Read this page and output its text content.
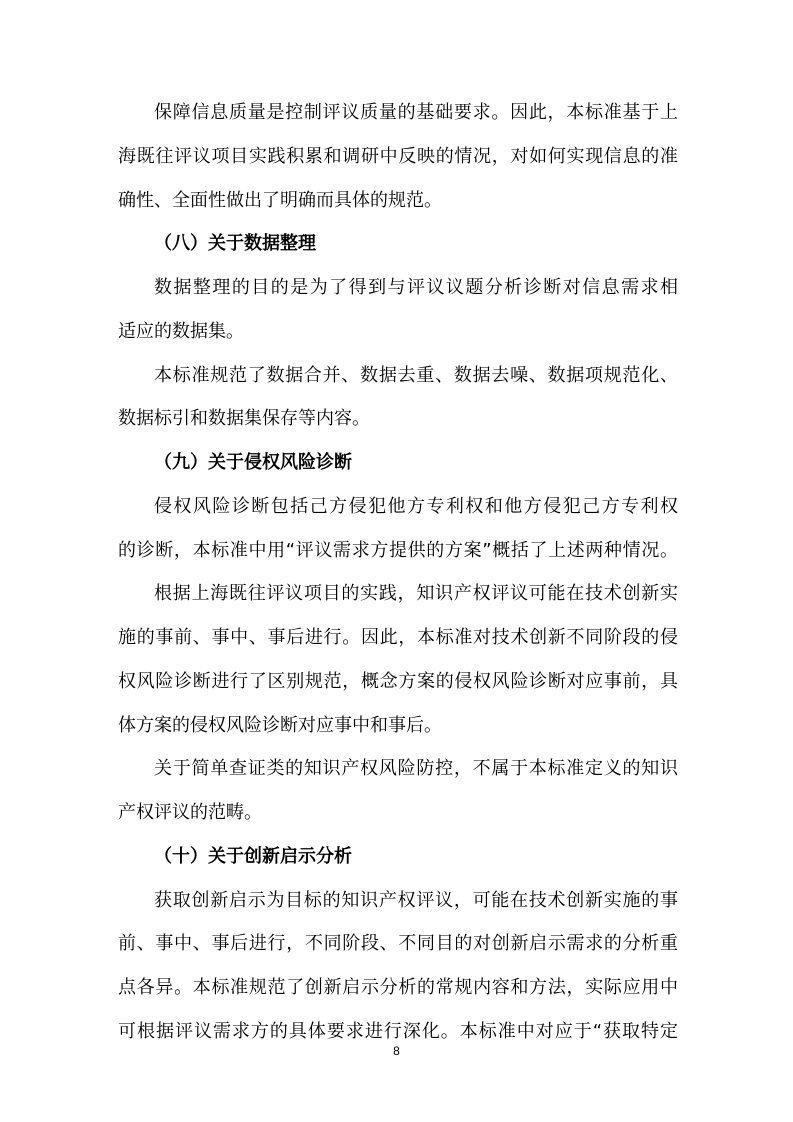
保障信息质量是控制评议质量的基础要求。因此，本标准基于上
海既往评议项目实践积累和调研中反映的情况，对如何实现信息的准
确性、全面性做出了明确而具体的规范。
（八）关于数据整理
数据整理的目的是为了得到与评议议题分析诊断对信息需求相
适应的数据集。
本标准规范了数据合并、数据去重、数据去噪、数据项规范化、
数据标引和数据集保存等内容。
（九）关于侵权风险诊断
侵权风险诊断包括己方侵犯他方专利权和他方侵犯己方专利权
的诊断，本标准中用“评议需求方提供的方案”概括了上述两种情况。
根据上海既往评议项目的实践，知识产权评议可能在技术创新实
施的事前、事中、事后进行。因此，本标准对技术创新不同阶段的侵
权风险诊断进行了区别规范，概念方案的侵权风险诊断对应事前，具
体方案的侵权风险诊断对应事中和事后。
关于简单查证类的知识产权风险防控，不属于本标准定义的知识
产权评议的范畴。
（十）关于创新启示分析
获取创新启示为目标的知识产权评议，可能在技术创新实施的事
前、事中、事后进行，不同阶段、不同目的对创新启示需求的分析重
点各异。本标准规范了创新启示分析的常规内容和方法，实际应用中
可根据评议需求方的具体要求进行深化。本标准中对应于“获取特定
8
